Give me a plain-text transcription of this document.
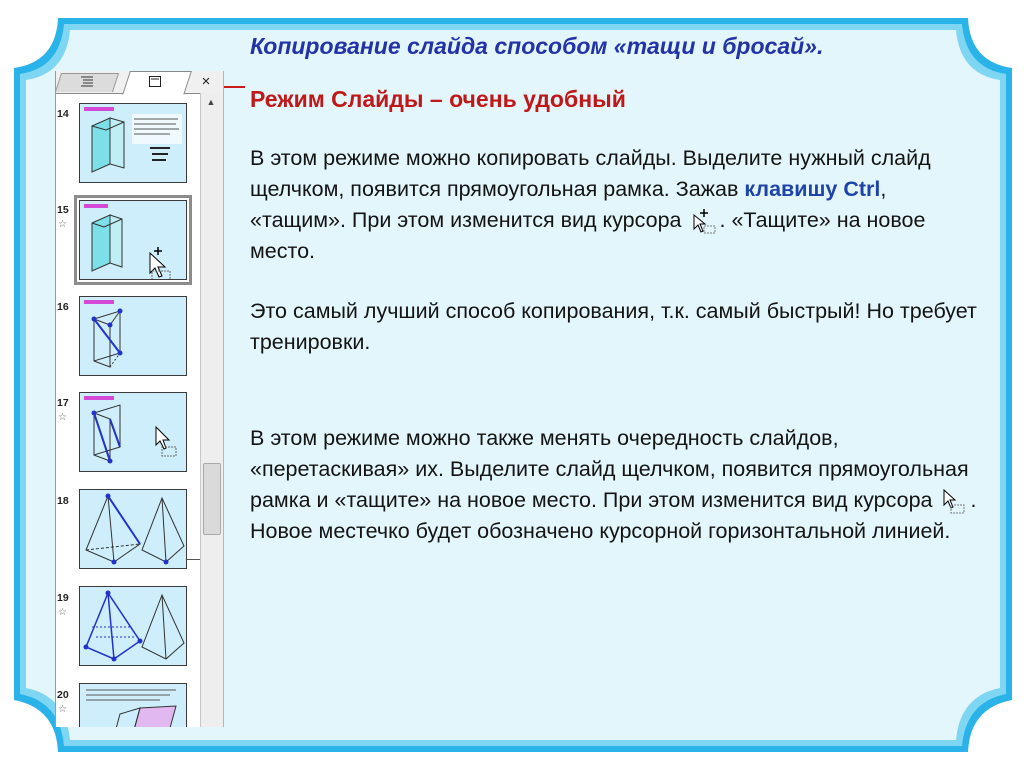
Копирование слайда способом «тащи и бросай».
Режим Слайды – очень удобный
В этом режиме можно копировать слайды. Выделите нужный слайд щелчком, появится прямоугольная рамка. Зажав клавишу Ctrl, «тащим». При этом изменится вид курсора . «Тащите» на новое место.
Это самый лучший способ копирования, т.к. самый быстрый! Но требует тренировки.
В этом режиме можно также менять очередность слайдов, «перетаскивая» их. Выделите слайд щелчком, появится прямоугольная рамка и «тащите» на новое место. При этом изменится вид курсора . Новое местечко будет обозначено курсорной горизонтальной линией.
×
14
15
☆
16
17
☆
18
19
☆
20
☆
▲
